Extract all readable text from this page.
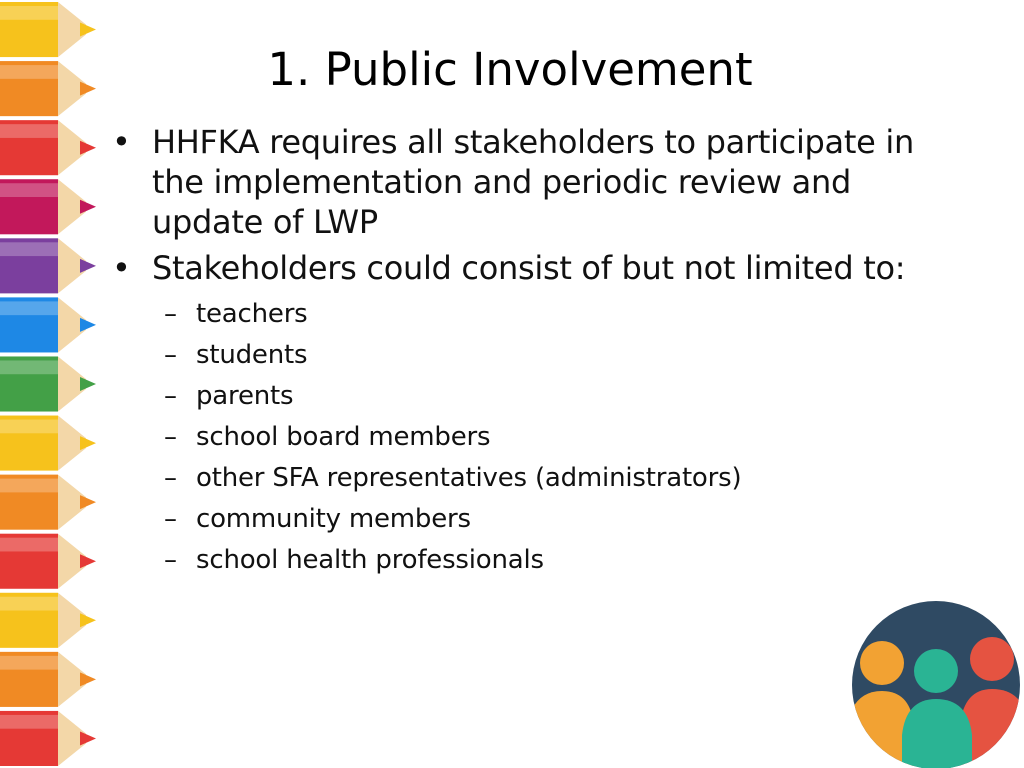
1. Public Involvement
• HHFKA requires all stakeholders to participate in the implementation and periodic review and update of LWP
• Stakeholders could consist of but not limited to:
– teachers
– students
– parents
– school board members
– other SFA representatives (administrators)
– community members
– school health professionals
